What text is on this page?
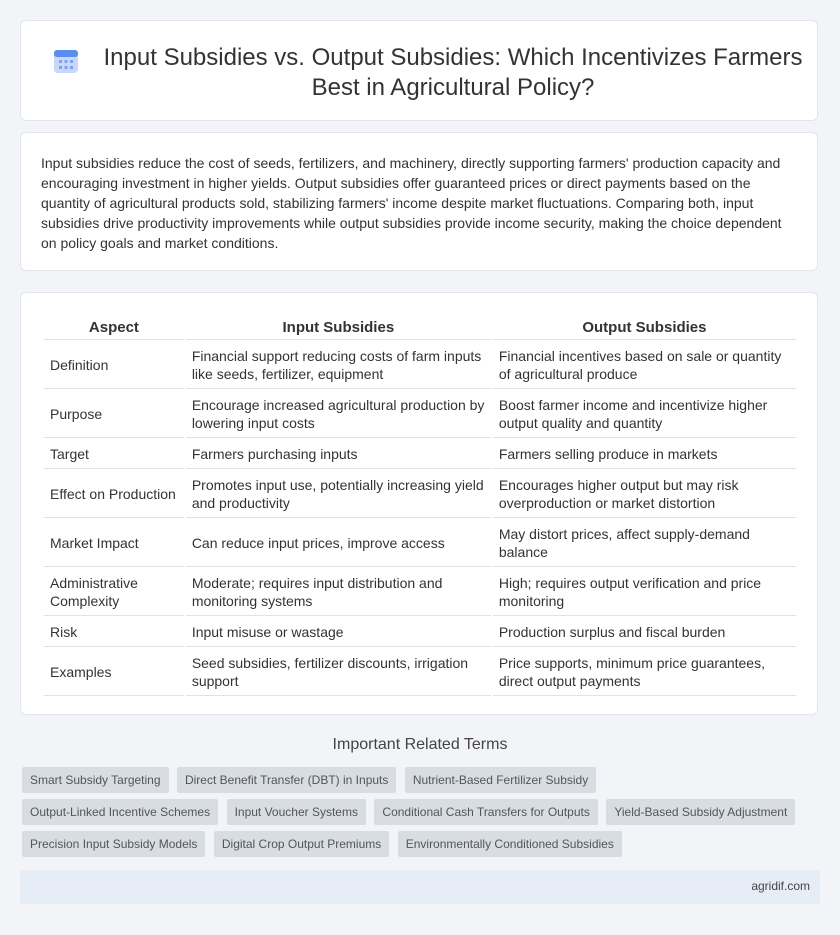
Input Subsidies vs. Output Subsidies: Which Incentivizes Farmers Best in Agricultural Policy?

Input subsidies reduce the cost of seeds, fertilizers, and machinery, directly supporting farmers' production capacity and encouraging investment in higher yields. Output subsidies offer guaranteed prices or direct payments based on the quantity of agricultural products sold, stabilizing farmers' income despite market fluctuations. Comparing both, input subsidies drive productivity improvements while output subsidies provide income security, making the choice dependent on policy goals and market conditions.

Aspect	Input Subsidies	Output Subsidies
Definition	Financial support reducing costs of farm inputs like seeds, fertilizer, equipment	Financial incentives based on sale or quantity of agricultural produce
Purpose	Encourage increased agricultural production by lowering input costs	Boost farmer income and incentivize higher output quality and quantity
Target	Farmers purchasing inputs	Farmers selling produce in markets
Effect on Production	Promotes input use, potentially increasing yield and productivity	Encourages higher output but may risk overproduction or market distortion
Market Impact	Can reduce input prices, improve access	May distort prices, affect supply-demand balance
Administrative Complexity	Moderate; requires input distribution and monitoring systems	High; requires output verification and price monitoring
Risk	Input misuse or wastage	Production surplus and fiscal burden
Examples	Seed subsidies, fertilizer discounts, irrigation support	Price supports, minimum price guarantees, direct output payments
Important Related Terms
Smart Subsidy Targeting Direct Benefit Transfer (DBT) in Inputs Nutrient-Based Fertilizer Subsidy Output-Linked Incentive Schemes Input Voucher Systems Conditional Cash Transfers for Outputs Yield-Based Subsidy Adjustment Precision Input Subsidy Models Digital Crop Output Premiums Environmentally Conditioned Subsidies
agridif.com
